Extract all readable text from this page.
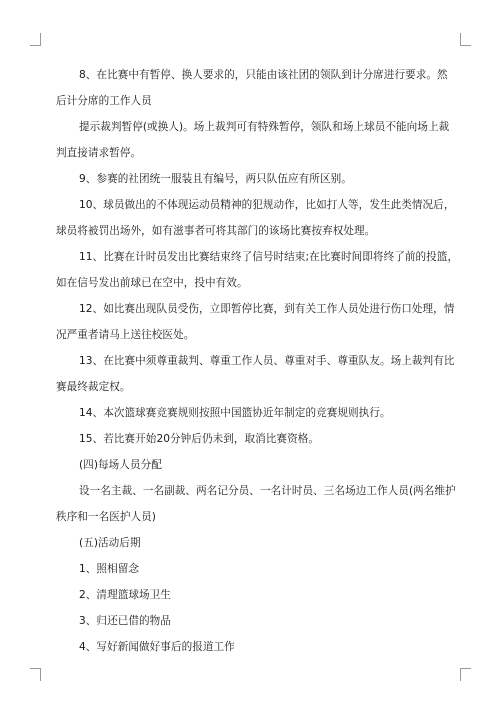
8、在比赛中有暂停、换人要求的，只能由该社团的领队到计分席进行要求。然
后计分席的工作人员
提示裁判暂停(或换人)。场上裁判可有特殊暂停，领队和场上球员不能向场上裁
判直接请求暂停。
9、参赛的社团统一服装且有编号，两只队伍应有所区别。
10、球员做出的不体现运动员精神的犯规动作，比如打人等，发生此类情况后，
球员将被罚出场外，如有滋事者可将其部门的该场比赛按弃权处理。
11、比赛在计时员发出比赛结束终了信号时结束;在比赛时间即将终了前的投篮，
如在信号发出前球已在空中，投中有效。
12、如比赛出现队员受伤，立即暂停比赛，到有关工作人员处进行伤口处理，情
况严重者请马上送往校医处。
13、在比赛中须尊重裁判、尊重工作人员、尊重对手、尊重队友。场上裁判有比
赛最终裁定权。
14、本次篮球赛竞赛规则按照中国篮协近年制定的竞赛规则执行。
15、若比赛开始20分钟后仍未到，取消比赛资格。
(四)每场人员分配
设一名主裁、一名副裁、两名记分员、一名计时员、三名场边工作人员(两名维护
秩序和一名医护人员)
(五)活动后期
1、照相留念
2、清理篮球场卫生
3、归还已借的物品
4、写好新闻做好事后的报道工作
